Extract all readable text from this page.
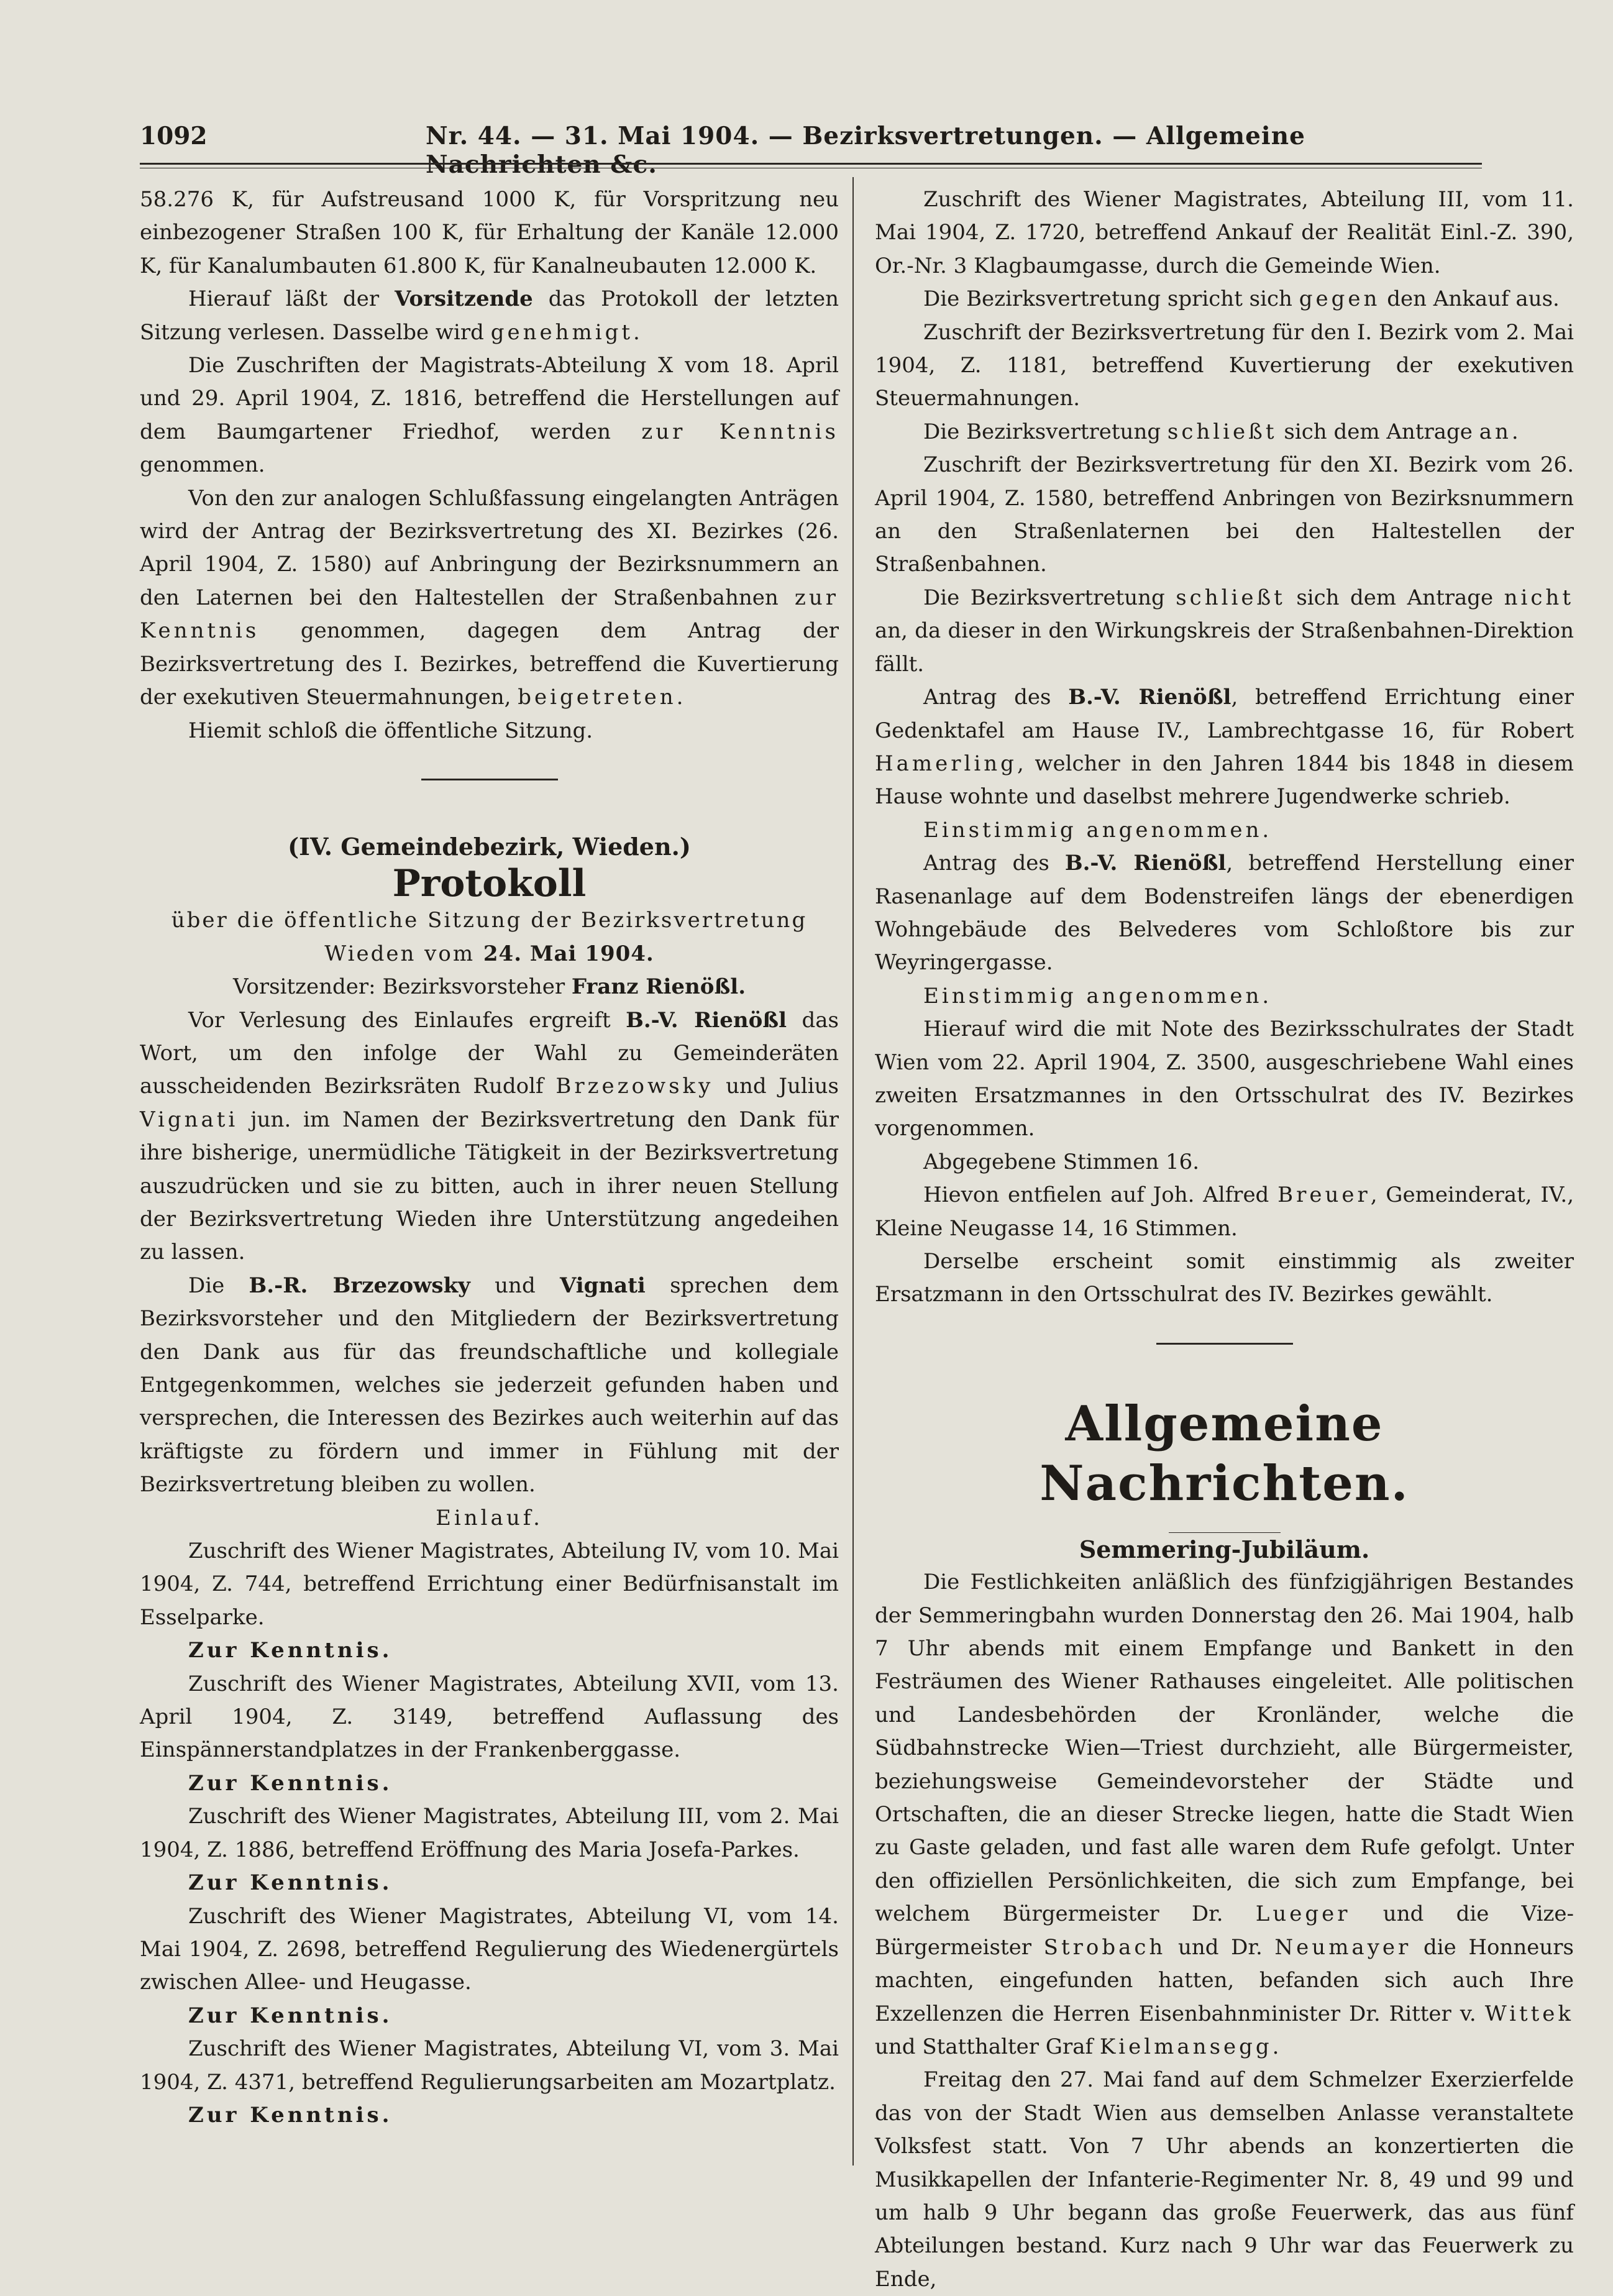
1092	Nr. 44. — 31. Mai 1904. — Bezirksvertretungen. — Allgemeine Nachrichten &c.

58.276 K, für Aufstreusand 1000 K, für Vorspritzung neu einbezogener Straßen 100 K, für Erhaltung der Kanäle 12.000 K, für Kanalumbauten 61.800 K, für Kanalneubauten 12.000 K.

Hierauf läßt der Vorsitzende das Protokoll der letzten Sitzung verlesen. Dasselbe wird genehmigt.

Die Zuschriften der Magistrats-Abteilung X vom 18. April und 29. April 1904, Z. 1816, betreffend die Herstellungen auf dem Baumgartener Friedhof, werden zur Kenntnis genommen.

Von den zur analogen Schlußfassung eingelangten Anträgen wird der Antrag der Bezirksvertretung des XI. Bezirkes (26. April 1904, Z. 1580) auf Anbringung der Bezirksnummern an den Laternen bei den Haltestellen der Straßenbahnen zur Kenntnis genommen, dagegen dem Antrag der Bezirksvertretung des I. Bezirkes, betreffend die Kuvertierung der exekutiven Steuermahnungen, beigetreten.

Hiemit schloß die öffentliche Sitzung.

(IV. Gemeindebezirk, Wieden.)
Protokoll
über die öffentliche Sitzung der Bezirksvertretung
Wieden vom 24. Mai 1904.
Vorsitzender: Bezirksvorsteher Franz Rienößl.

Vor Verlesung des Einlaufes ergreift B.-V. Rienößl das Wort, um den infolge der Wahl zu Gemeinderäten ausscheidenden Bezirksräten Rudolf Brzezowsky und Julius Vignati jun. im Namen der Bezirksvertretung den Dank für ihre bisherige, unermüdliche Tätigkeit in der Bezirksvertretung auszudrücken und sie zu bitten, auch in ihrer neuen Stellung der Bezirksvertretung Wieden ihre Unterstützung angedeihen zu lassen.

Die B.-R. Brzezowsky und Vignati sprechen dem Bezirksvorsteher und den Mitgliedern der Bezirksvertretung den Dank aus für das freundschaftliche und kollegiale Entgegenkommen, welches sie jederzeit gefunden haben und versprechen, die Interessen des Bezirkes auch weiterhin auf das kräftigste zu fördern und immer in Fühlung mit der Bezirksvertretung bleiben zu wollen.

Einlauf.

Zuschrift des Wiener Magistrates, Abteilung IV, vom 10. Mai 1904, Z. 744, betreffend Errichtung einer Bedürfnisanstalt im Esselparke.

Zur Kenntnis.

Zuschrift des Wiener Magistrates, Abteilung XVII, vom 13. April 1904, Z. 3149, betreffend Auflassung des Einspännerstandplatzes in der Frankenberggasse.

Zur Kenntnis.

Zuschrift des Wiener Magistrates, Abteilung III, vom 2. Mai 1904, Z. 1886, betreffend Eröffnung des Maria Josefa-Parkes.

Zur Kenntnis.

Zuschrift des Wiener Magistrates, Abteilung VI, vom 14. Mai 1904, Z. 2698, betreffend Regulierung des Wiedenergürtels zwischen Allee- und Heugasse.

Zur Kenntnis.

Zuschrift des Wiener Magistrates, Abteilung VI, vom 3. Mai 1904, Z. 4371, betreffend Regulierungsarbeiten am Mozartplatz.

Zur Kenntnis.

Zuschrift des Wiener Magistrates, Abteilung III, vom 11. Mai 1904, Z. 1720, betreffend Ankauf der Realität Einl.-Z. 390, Or.-Nr. 3 Klagbaumgasse, durch die Gemeinde Wien.

Die Bezirksvertretung spricht sich gegen den Ankauf aus.

Zuschrift der Bezirksvertretung für den I. Bezirk vom 2. Mai 1904, Z. 1181, betreffend Kuvertierung der exekutiven Steuermahnungen.

Die Bezirksvertretung schließt sich dem Antrage an.

Zuschrift der Bezirksvertretung für den XI. Bezirk vom 26. April 1904, Z. 1580, betreffend Anbringen von Bezirksnummern an den Straßenlaternen bei den Haltestellen der Straßenbahnen.

Die Bezirksvertretung schließt sich dem Antrage nicht an, da dieser in den Wirkungskreis der Straßenbahnen-Direktion fällt.

Antrag des B.-V. Rienößl, betreffend Errichtung einer Gedenktafel am Hause IV., Lambrechtgasse 16, für Robert Hamerling, welcher in den Jahren 1844 bis 1848 in diesem Hause wohnte und daselbst mehrere Jugendwerke schrieb.

Einstimmig angenommen.

Antrag des B.-V. Rienößl, betreffend Herstellung einer Rasenanlage auf dem Bodenstreifen längs der ebenerdigen Wohngebäude des Belvederes vom Schloßtore bis zur Weyringergasse.

Einstimmig angenommen.

Hierauf wird die mit Note des Bezirksschulrates der Stadt Wien vom 22. April 1904, Z. 3500, ausgeschriebene Wahl eines zweiten Ersatzmannes in den Ortsschulrat des IV. Bezirkes vorgenommen.

Abgegebene Stimmen 16.

Hievon entfielen auf Joh. Alfred Breuer, Gemeinderat, IV., Kleine Neugasse 14, 16 Stimmen.

Derselbe erscheint somit einstimmig als zweiter Ersatzmann in den Ortsschulrat des IV. Bezirkes gewählt.

Allgemeine Nachrichten.
Semmering-Jubiläum.

Die Festlichkeiten anläßlich des fünfzigjährigen Bestandes der Semmeringbahn wurden Donnerstag den 26. Mai 1904, halb 7 Uhr abends mit einem Empfange und Bankett in den Festräumen des Wiener Rathauses eingeleitet. Alle politischen und Landesbehörden der Kronländer, welche die Südbahnstrecke Wien—Triest durchzieht, alle Bürgermeister, beziehungsweise Gemeindevorsteher der Städte und Ortschaften, die an dieser Strecke liegen, hatte die Stadt Wien zu Gaste geladen, und fast alle waren dem Rufe gefolgt. Unter den offiziellen Persönlichkeiten, die sich zum Empfange, bei welchem Bürgermeister Dr. Lueger und die Vize-Bürgermeister Strobach und Dr. Neumayer die Honneurs machten, eingefunden hatten, befanden sich auch Ihre Exzellenzen die Herren Eisenbahnminister Dr. Ritter v. Wittek und Statthalter Graf Kielmansegg.

Freitag den 27. Mai fand auf dem Schmelzer Exerzierfelde das von der Stadt Wien aus demselben Anlasse veranstaltete Volksfest statt. Von 7 Uhr abends an konzertierten die Musikkapellen der Infanterie-Regimenter Nr. 8, 49 und 99 und um halb 9 Uhr begann das große Feuerwerk, das aus fünf Abteilungen bestand. Kurz nach 9 Uhr war das Feuerwerk zu Ende,
